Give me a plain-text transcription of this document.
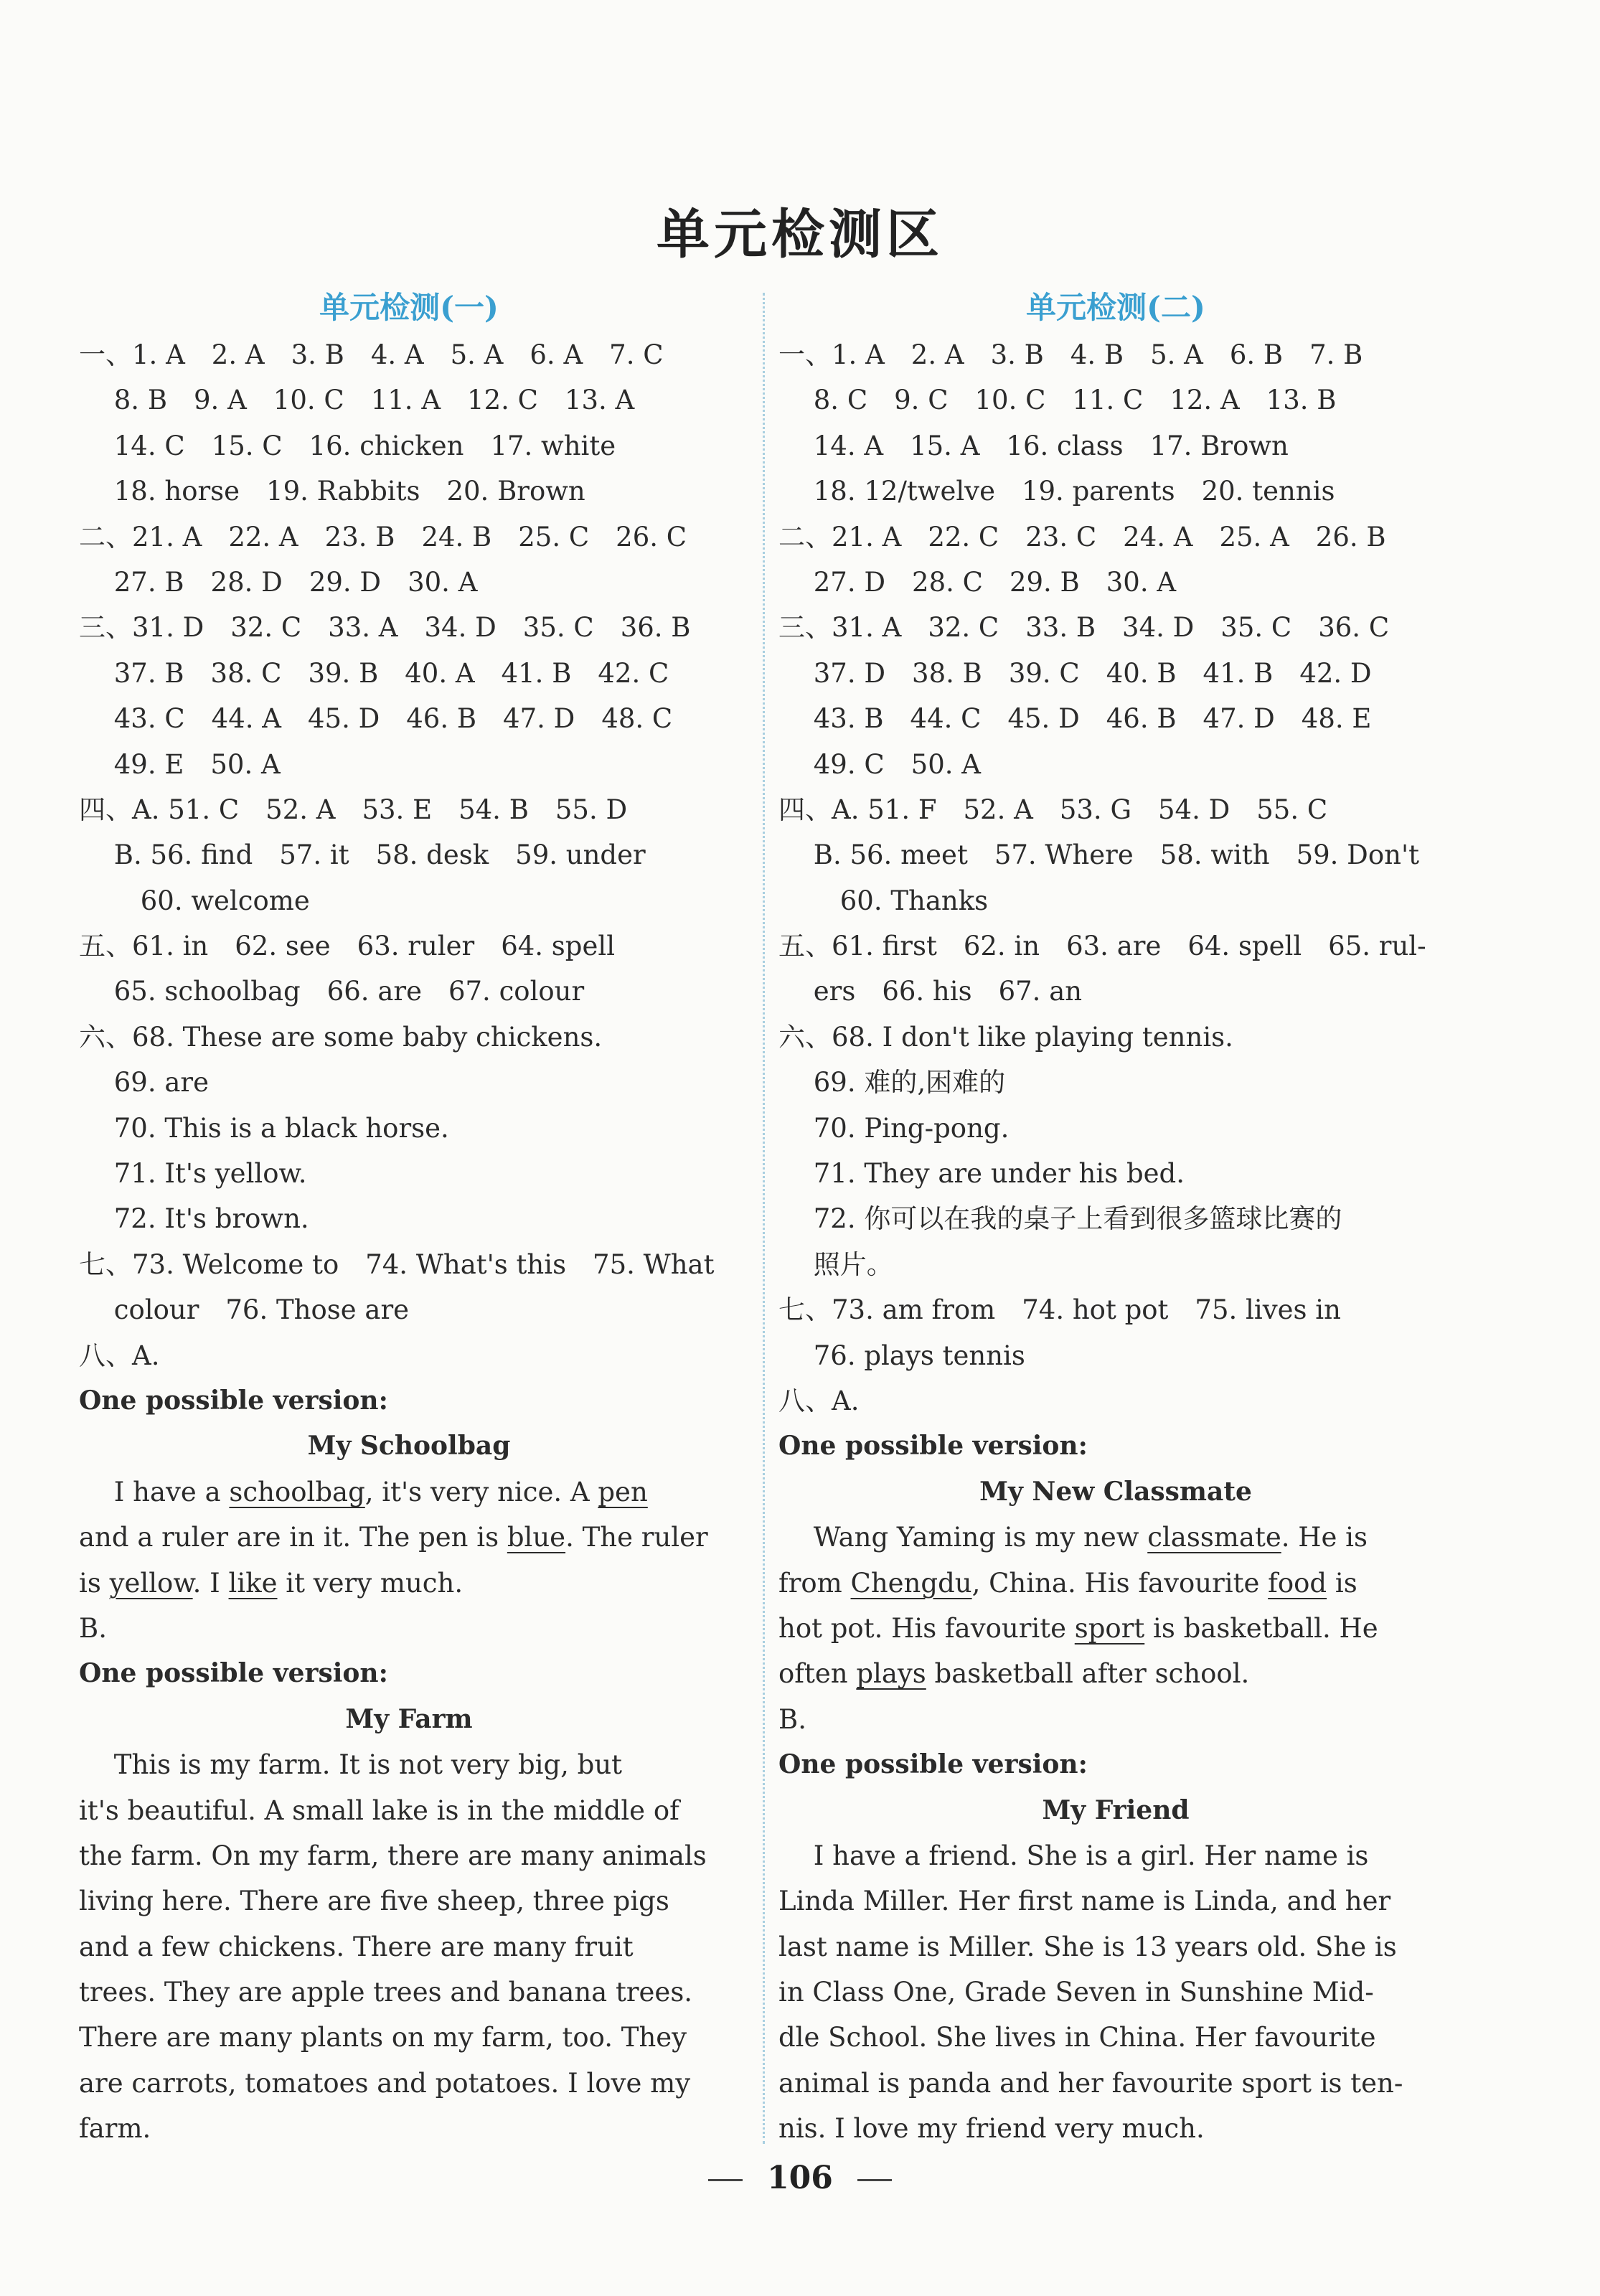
单元检测区
单元检测(一)
一、1. A　2. A　3. B　4. A　5. A　6. A　7. C
　 8. B　9. A　10. C　11. A　12. C　13. A
　 14. C　15. C　16. chicken　17. white
　 18. horse　19. Rabbits　20. Brown
二、21. A　22. A　23. B　24. B　25. C　26. C
　 27. B　28. D　29. D　30. A
三、31. D　32. C　33. A　34. D　35. C　36. B
　 37. B　38. C　39. B　40. A　41. B　42. C
　 43. C　44. A　45. D　46. B　47. D　48. C
　 49. E　50. A
四、A. 51. C　52. A　53. E　54. B　55. D
　 B. 56. find　57. it　58. desk　59. under
　　 60. welcome
五、61. in　62. see　63. ruler　64. spell
　 65. schoolbag　66. are　67. colour
六、68. These are some baby chickens.
　 69. are
　 70. This is a black horse.
　 71. It's yellow.
　 72. It's brown.
七、73. Welcome to　74. What's this　75. What
　 colour　76. Those are
八、A.
One possible version:
My Schoolbag
　 I have a schoolbag, it's very nice. A pen
and a ruler are in it. The pen is blue. The ruler
is yellow. I like it very much.
B.
One possible version:
My Farm
　 This is my farm. It is not very big, but
it's beautiful. A small lake is in the middle of
the farm. On my farm, there are many animals
living here. There are five sheep, three pigs
and a few chickens. There are many fruit
trees. They are apple trees and banana trees.
There are many plants on my farm, too. They
are carrots, tomatoes and potatoes. I love my
farm.
单元检测(二)
一、1. A　2. A　3. B　4. B　5. A　6. B　7. B
　 8. C　9. C　10. C　11. C　12. A　13. B
　 14. A　15. A　16. class　17. Brown
　 18. 12/twelve　19. parents　20. tennis
二、21. A　22. C　23. C　24. A　25. A　26. B
　 27. D　28. C　29. B　30. A
三、31. A　32. C　33. B　34. D　35. C　36. C
　 37. D　38. B　39. C　40. B　41. B　42. D
　 43. B　44. C　45. D　46. B　47. D　48. E
　 49. C　50. A
四、A. 51. F　52. A　53. G　54. D　55. C
　 B. 56. meet　57. Where　58. with　59. Don't
　　 60. Thanks
五、61. first　62. in　63. are　64. spell　65. rul-
　 ers　66. his　67. an
六、68. I don't like playing tennis.
　 69. 难的,困难的
　 70. Ping-pong.
　 71. They are under his bed.
　 72. 你可以在我的桌子上看到很多篮球比赛的
　 照片。
七、73. am from　74. hot pot　75. lives in
　 76. plays tennis
八、A.
One possible version:
My New Classmate
　 Wang Yaming is my new classmate. He is
from Chengdu, China. His favourite food is
hot pot. His favourite sport is basketball. He
often plays basketball after school.
B.
One possible version:
My Friend
　 I have a friend. She is a girl. Her name is
Linda Miller. Her first name is Linda, and her
last name is Miller. She is 13 years old. She is
in Class One, Grade Seven in Sunshine Mid-
dle School. She lives in China. Her favourite
animal is panda and her favourite sport is ten-
nis. I love my friend very much.
106
